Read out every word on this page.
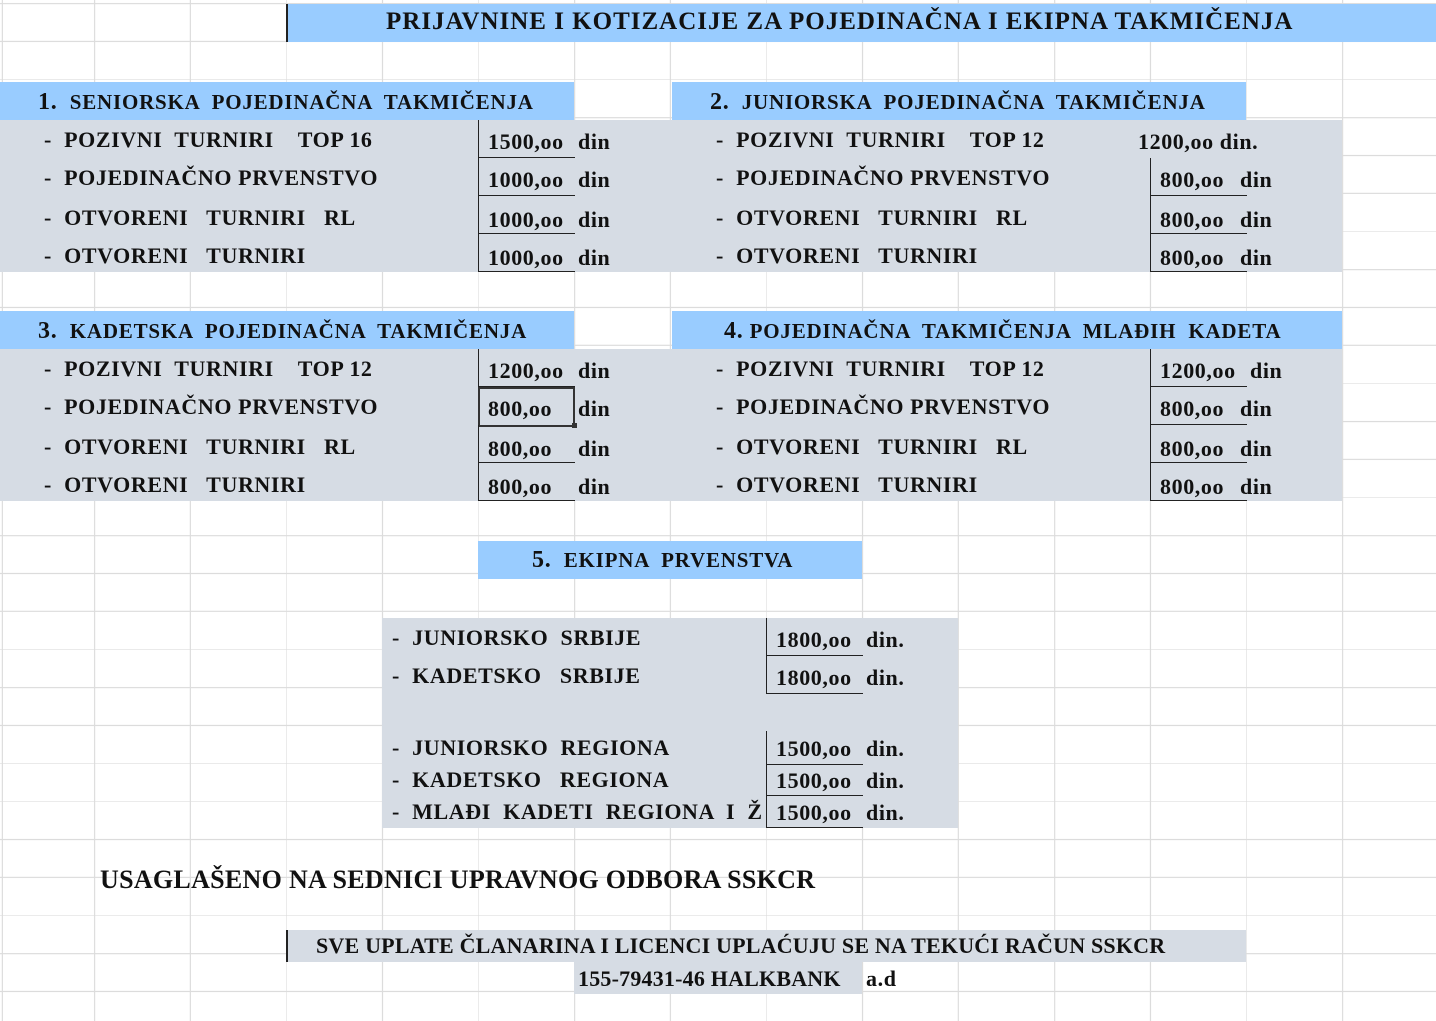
PRIJAVNINE I KOTIZACIJE ZA POJEDINAČNA I EKIPNA TAKMIČENJA
1. SENIORSKA  POJEDINAČNA  TAKMIČENJA
-  POZIVNI  TURNIRI    TOP 16	1500,oo din
-  POJEDINAČNO PRVENSTVO	1000,oo din
-  OTVORENI   TURNIRI   RL	1000,oo din
-  OTVORENI   TURNIRI	1000,oo din
2. JUNIORSKA  POJEDINAČNA  TAKMIČENJA
-  POZIVNI  TURNIRI    TOP 12	1200,oo din.
-  POJEDINAČNO PRVENSTVO	800,oo din
-  OTVORENI   TURNIRI   RL	800,oo din
-  OTVORENI   TURNIRI	800,oo din
3. KADETSKA  POJEDINAČNA  TAKMIČENJA
-  POZIVNI  TURNIRI    TOP 12	1200,oo din
-  POJEDINAČNO PRVENSTVO	800,oo din
-  OTVORENI   TURNIRI   RL	800,oo din
-  OTVORENI   TURNIRI	800,oo din
4. POJEDINAČNA  TAKMIČENJA  MLAĐIH  KADETA
-  POZIVNI  TURNIRI    TOP 12	1200,oo din
-  POJEDINAČNO PRVENSTVO	800,oo din
-  OTVORENI   TURNIRI   RL	800,oo din
-  OTVORENI   TURNIRI	800,oo din
5. EKIPNA  PRVENSTVA
-  JUNIORSKO  SRBIJE	1800,oo din.
-  KADETSKO   SRBIJE	1800,oo din.
-  JUNIORSKO  REGIONA	1500,oo din.
-  KADETSKO   REGIONA	1500,oo din.
-  MLAĐI  KADETI  REGIONA  I  Ž 1500,oo din.
USAGLAŠENO NA SEDNICI UPRAVNOG ODBORA SSKCR
SVE UPLATE ČLANARINA I LICENCI UPLAĆUJU SE NA TEKUĆI RAČUN SSKCR
155-79431-46 HALKBANK a.d
